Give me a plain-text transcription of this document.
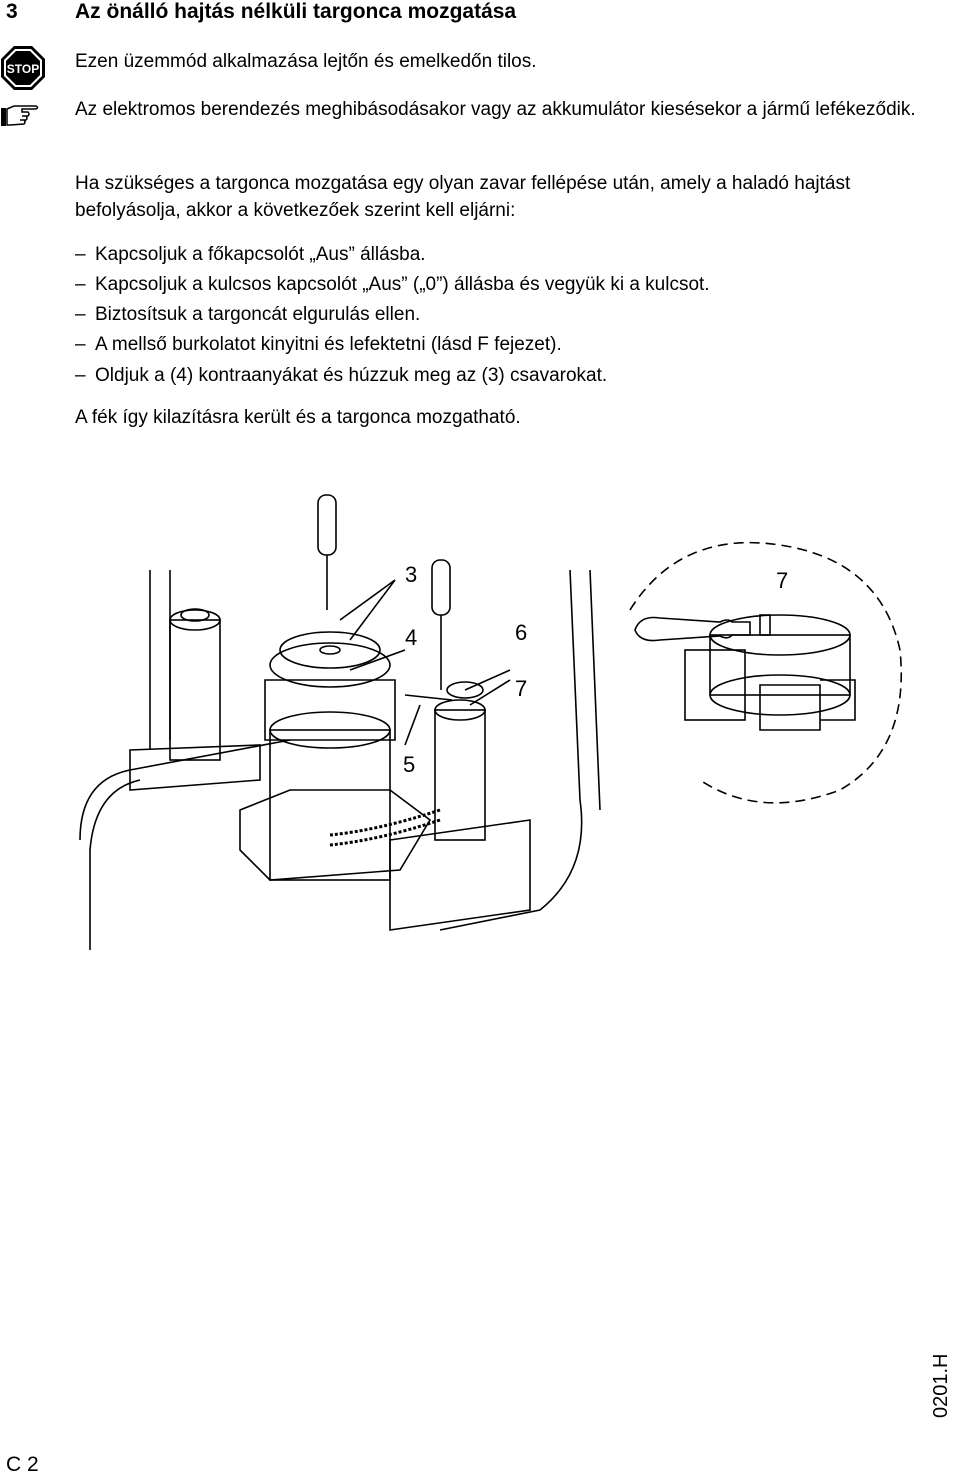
3	Az önálló hajtás nélküli targonca mozgatása
STOP Ezen üzemmód alkalmazása lejtőn és emelkedőn tilos.
Az elektromos berendezés meghibásodásakor vagy az akkumulátor kiesésekor a jármű lefékeződik.
Ha szükséges a targonca mozgatása egy olyan zavar fellépése után, amely a haladó hajtást befolyásolja, akkor a következőek szerint kell eljárni:
– Kapcsoljuk a főkapcsolót „Aus” állásba.
– Kapcsoljuk a kulcsos kapcsolót „Aus” („0”) állásba és vegyük ki a kulcsot.
– Biztosítsuk a targoncát elgurulás ellen.
– A mellső burkolatot kinyitni és lefektetni (lásd F fejezet).
– Oldjuk a (4) kontraanyákat és húzzuk meg az (3) csavarokat.
A fék így kilazításra került és a targonca mozgatható.
3
4	6
7
5
7
C 2
0201.H
